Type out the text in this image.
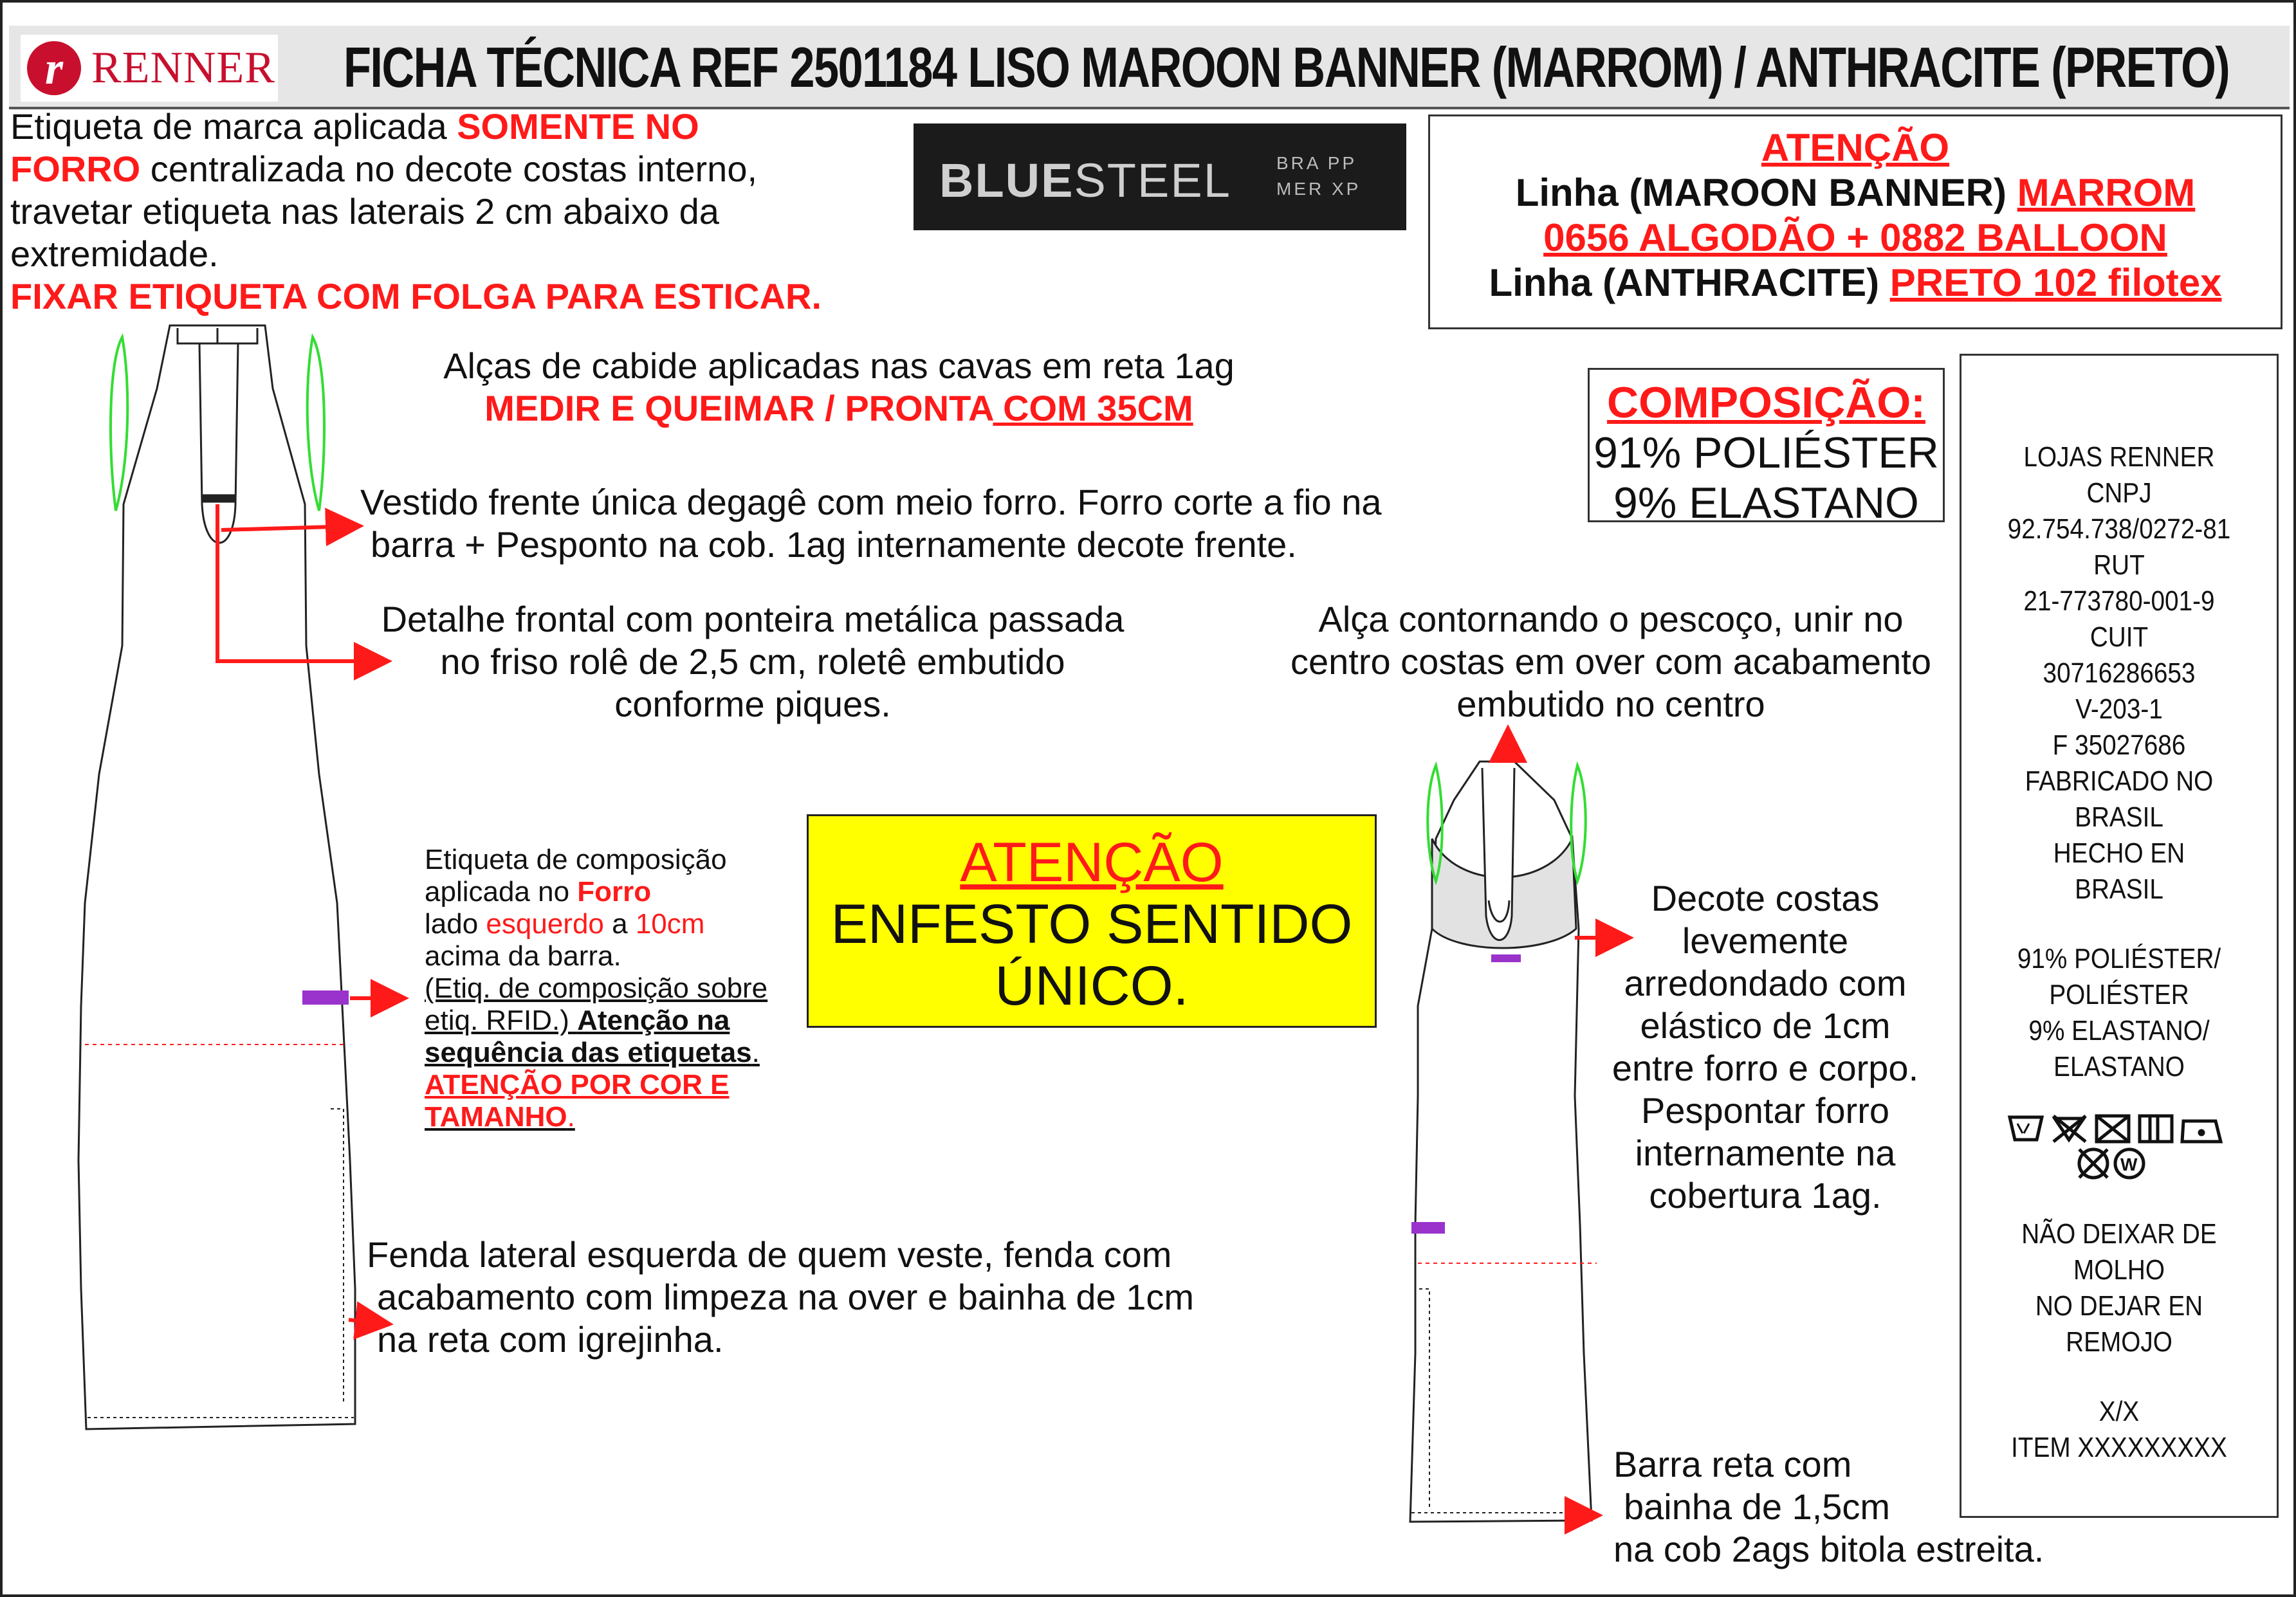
r RENNER FICHA TÉCNICA REF 2501184 LISO MAROON BANNER (MARROM) / ANTHRACITE (PRETO)
Etiqueta de marca aplicada SOMENTE NO
FORRO centralizada no decote costas interno,
travetar etiqueta nas laterais 2 cm abaixo da
extremidade.
FIXAR ETIQUETA COM FOLGA PARA ESTICAR.
BLUESTEEL	BRA PP
MER XP
ATENÇÃO
Linha (MAROON BANNER) MARROM
0656 ALGODÃO + 0882 BALLOON
Linha (ANTHRACITE) PRETO 102 filotex
COMPOSIÇÃO:
91% POLIÉSTER
9% ELASTANO
LOJAS RENNER
CNPJ
92.754.738/0272-81
RUT
21-773780-001-9
CUIT
30716286653
V-203-1
F 35027686
FABRICADO NO BRASIL
HECHO EN
BRASIL
91% POLIÉSTER/
POLIÉSTER
9% ELASTANO/
ELASTANO
W
NÃO DEIXAR DE
MOLHO
NO DEJAR EN
REMOJO
X/X
ITEM XXXXXXXXX
Alças de cabide aplicadas nas cavas em reta 1ag
MEDIR E QUEIMAR / PRONTA COM 35CM
Vestido frente única degagê com meio forro. Forro corte a fio na
barra + Pesponto na cob. 1ag internamente decote frente.
Detalhe frontal com ponteira metálica passada
no friso rolê de 2,5 cm, roletê embutido
conforme piques.
Alça contornando o pescoço, unir no
centro costas em over com acabamento
embutido no centro
Etiqueta de composição
aplicada no Forro
lado esquerdo a 10cm
acima da barra.
(Etiq. de composição sobre
etiq. RFID.) Atenção na
sequência das etiquetas.
ATENÇÃO POR COR E
TAMANHO.
ATENÇÃO
ENFESTO SENTIDO
ÚNICO.
Decote costas
levemente
arredondado com
elástico de 1cm
entre forro e corpo.
Pespontar forro
internamente na
cobertura 1ag.
Fenda lateral esquerda de quem veste, fenda com
acabamento com limpeza na over e bainha de 1cm
na reta com igrejinha.
Barra reta com
bainha de 1,5cm
na cob 2ags bitola estreita.
